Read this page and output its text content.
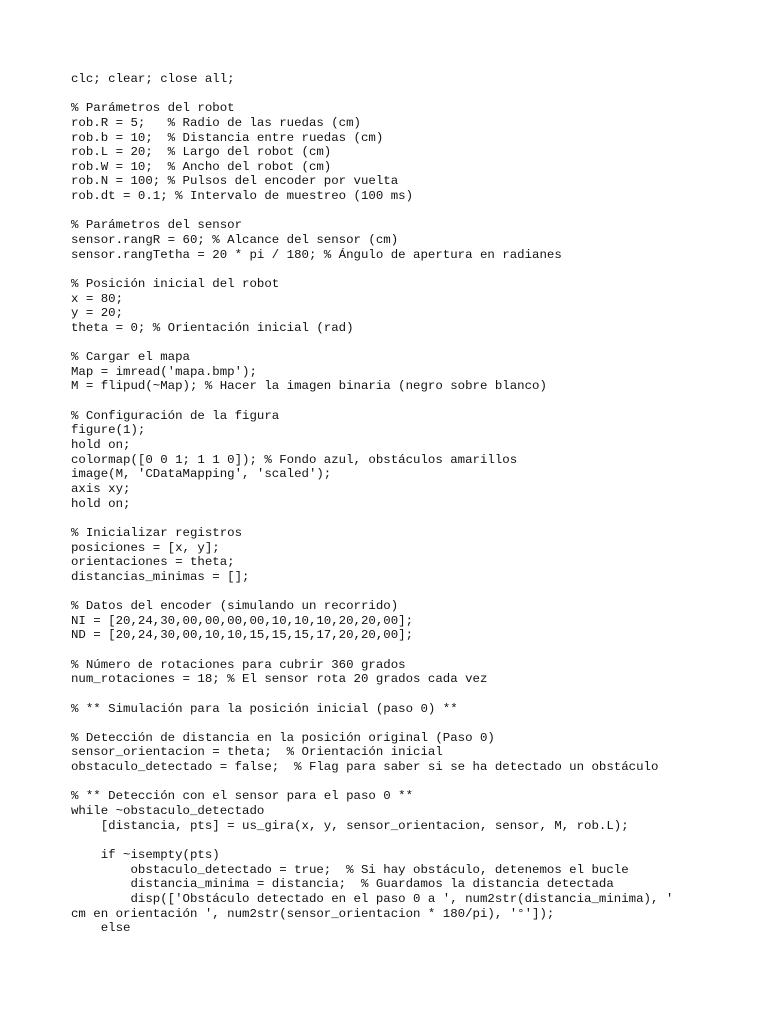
clc; clear; close all;

% Parámetros del robot
rob.R = 5;   % Radio de las ruedas (cm)
rob.b = 10;  % Distancia entre ruedas (cm)
rob.L = 20;  % Largo del robot (cm)
rob.W = 10;  % Ancho del robot (cm)
rob.N = 100; % Pulsos del encoder por vuelta
rob.dt = 0.1; % Intervalo de muestreo (100 ms)

% Parámetros del sensor
sensor.rangR = 60; % Alcance del sensor (cm)
sensor.rangTetha = 20 * pi / 180; % Ángulo de apertura en radianes

% Posición inicial del robot
x = 80;
y = 20;
theta = 0; % Orientación inicial (rad)

% Cargar el mapa
Map = imread('mapa.bmp');
M = flipud(~Map); % Hacer la imagen binaria (negro sobre blanco)

% Configuración de la figura
figure(1);
hold on;
colormap([0 0 1; 1 1 0]); % Fondo azul, obstáculos amarillos
image(M, 'CDataMapping', 'scaled');
axis xy;
hold on;

% Inicializar registros
posiciones = [x, y];
orientaciones = theta;
distancias_minimas = [];

% Datos del encoder (simulando un recorrido)
NI = [20,24,30,00,00,00,00,10,10,10,20,20,00];
ND = [20,24,30,00,10,10,15,15,15,17,20,20,00];

% Número de rotaciones para cubrir 360 grados
num_rotaciones = 18; % El sensor rota 20 grados cada vez

% ** Simulación para la posición inicial (paso 0) **

% Detección de distancia en la posición original (Paso 0)
sensor_orientacion = theta;  % Orientación inicial
obstaculo_detectado = false;  % Flag para saber si se ha detectado un obstáculo

% ** Detección con el sensor para el paso 0 **
while ~obstaculo_detectado
[distancia, pts] = us_gira(x, y, sensor_orientacion, sensor, M, rob.L);

if ~isempty(pts)
obstaculo_detectado = true;  % Si hay obstáculo, detenemos el bucle
distancia_minima = distancia;  % Guardamos la distancia detectada
disp(['Obstáculo detectado en el paso 0 a ', num2str(distancia_minima), '
cm en orientación ', num2str(sensor_orientacion * 180/pi), '°']);
else
